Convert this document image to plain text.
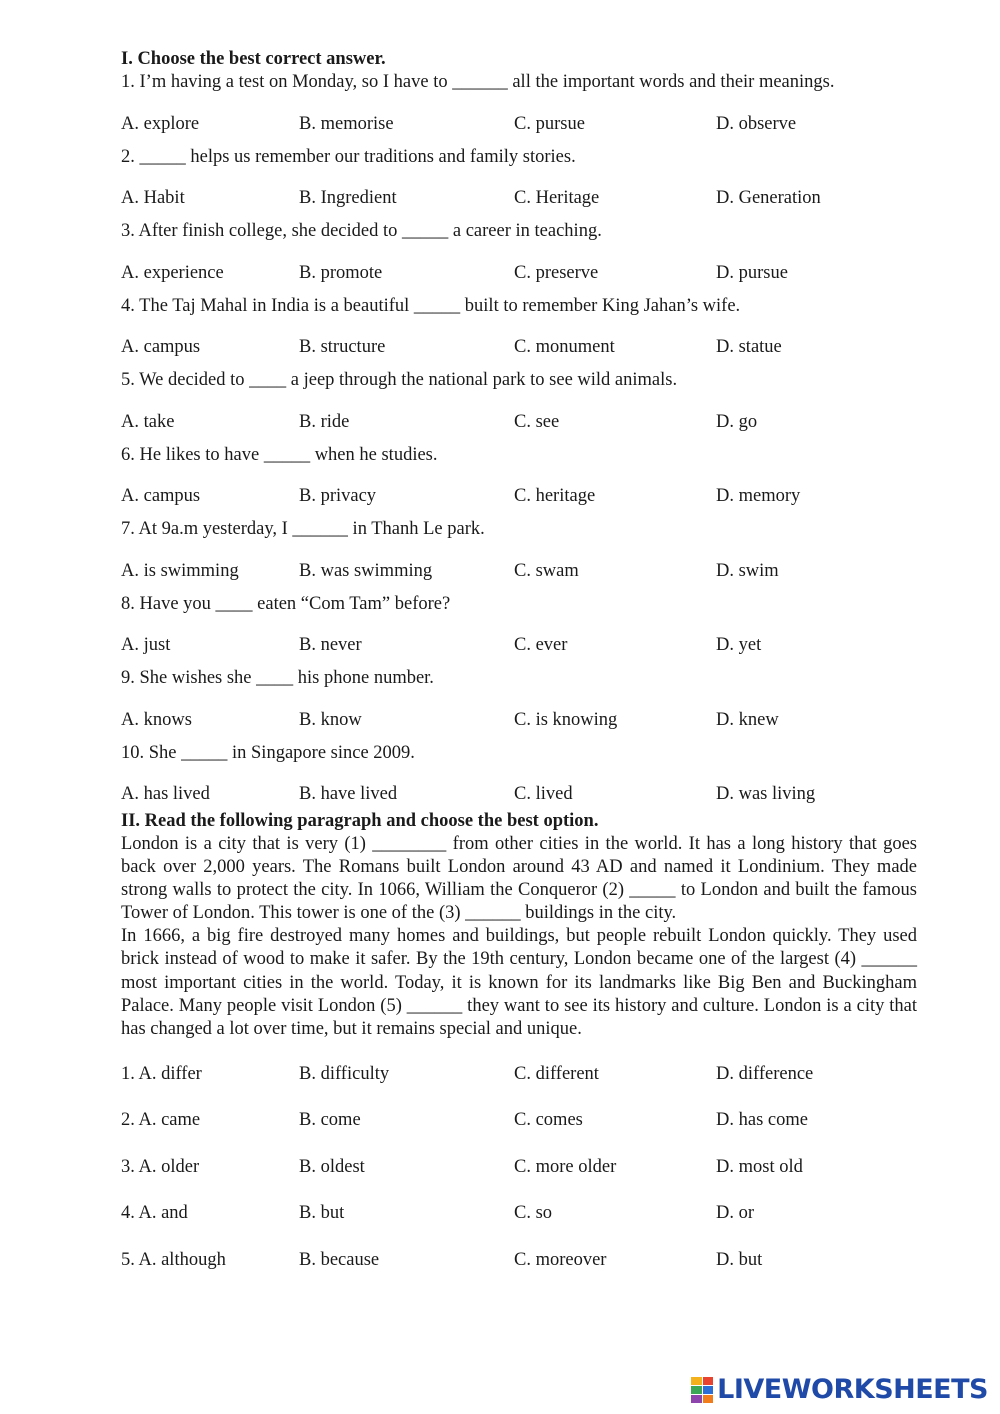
I. Choose the best correct answer.

1. I’m having a test on Monday, so I have to ______ all the important words and their meanings.

A. explore	B. memorise	C. pursue	D. observe

2. _____ helps us remember our traditions and family stories.

A. Habit	B. Ingredient	C. Heritage	D. Generation

3. After finish college, she decided to _____ a career in teaching.

A. experience	B. promote	C. preserve	D. pursue

4. The Taj Mahal in India is a beautiful _____ built to remember King Jahan’s wife.

A. campus	B. structure	C. monument	D. statue

5. We decided to ____ a jeep through the national park to see wild animals.

A. take	B. ride	C. see	D. go

6. He likes to have _____ when he studies.

A. campus	B. privacy	C. heritage	D. memory

7. At 9a.m yesterday, I ______ in Thanh Le park.

A. is swimming	B. was swimming	C. swam	D. swim

8. Have you ____ eaten “Com Tam” before?

A. just	B. never	C. ever	D. yet

9. She wishes she ____ his phone number.

A. knows	B. know	C. is knowing	D. knew

10. She _____ in Singapore since 2009.

A. has lived	B. have lived	C. lived	D. was living

II. Read the following paragraph and choose the best option.

London is a city that is very (1) ________ from other cities in the world. It has a long history that goes back over 2,000 years. The Romans built London around 43 AD and named it Londinium. They made strong walls to protect the city. In 1066, William the Conqueror (2) _____ to London and built the famous Tower of London. This tower is one of the (3) ______ buildings in the city.

In 1666, a big fire destroyed many homes and buildings, but people rebuilt London quickly. They used brick instead of wood to make it safer. By the 19th century, London became one of the largest (4) ______ most important cities in the world. Today, it is known for its landmarks like Big Ben and Buckingham Palace. Many people visit London (5) ______ they want to see its history and culture. London is a city that has changed a lot over time, but it remains special and unique.

1. A. differ	B. difficulty	C. different	D. difference
2. A. came	B. come	C. comes	D. has come
3. A. older	B. oldest	C. more older	D. most old
4. A. and	B. but	C. so	D. or
5. A. although	B. because	C. moreover	D. but
LIVEWORKSHEETS
